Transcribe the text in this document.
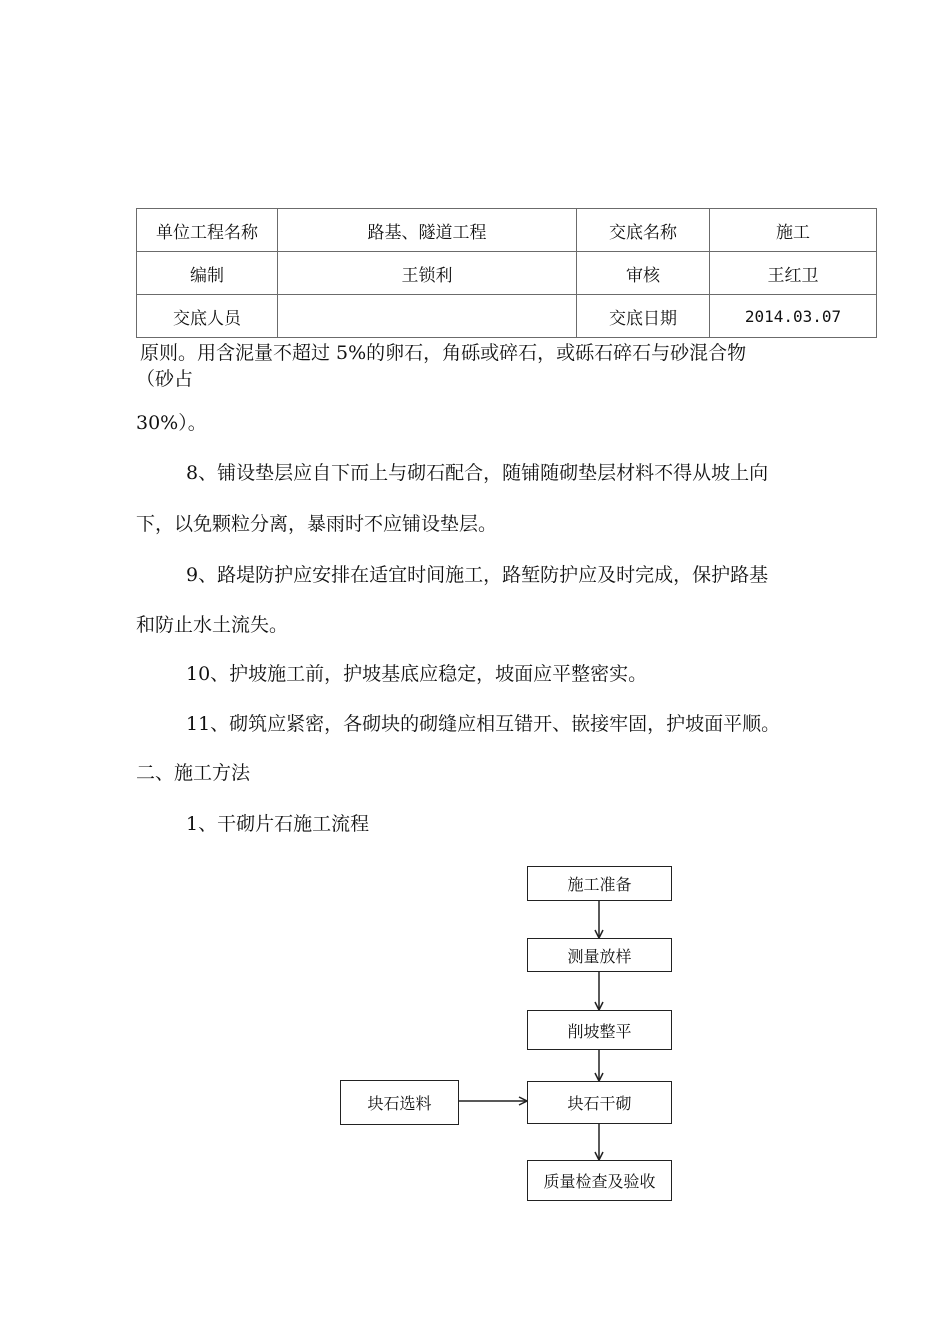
单位工程名称	路基、隧道工程	交底名称	施工
编制	王锁利	审核	王红卫
交底人员		交底日期	2014.03.07
原则。用含泥量不超过 5%的卵石，角砾或碎石，或砾石碎石与砂混合物
（砂占
30%）。
8、铺设垫层应自下而上与砌石配合，随铺随砌垫层材料不得从坡上向
下，以免颗粒分离，暴雨时不应铺设垫层。
9、路堤防护应安排在适宜时间施工，路堑防护应及时完成，保护路基
和防止水土流失。
10、护坡施工前，护坡基底应稳定，坡面应平整密实。
11、砌筑应紧密，各砌块的砌缝应相互错开、嵌接牢固，护坡面平顺。
二、施工方法
1、干砌片石施工流程
施工准备
测量放样
削坡整平
块石干砌
质量检查及验收
块石选料
